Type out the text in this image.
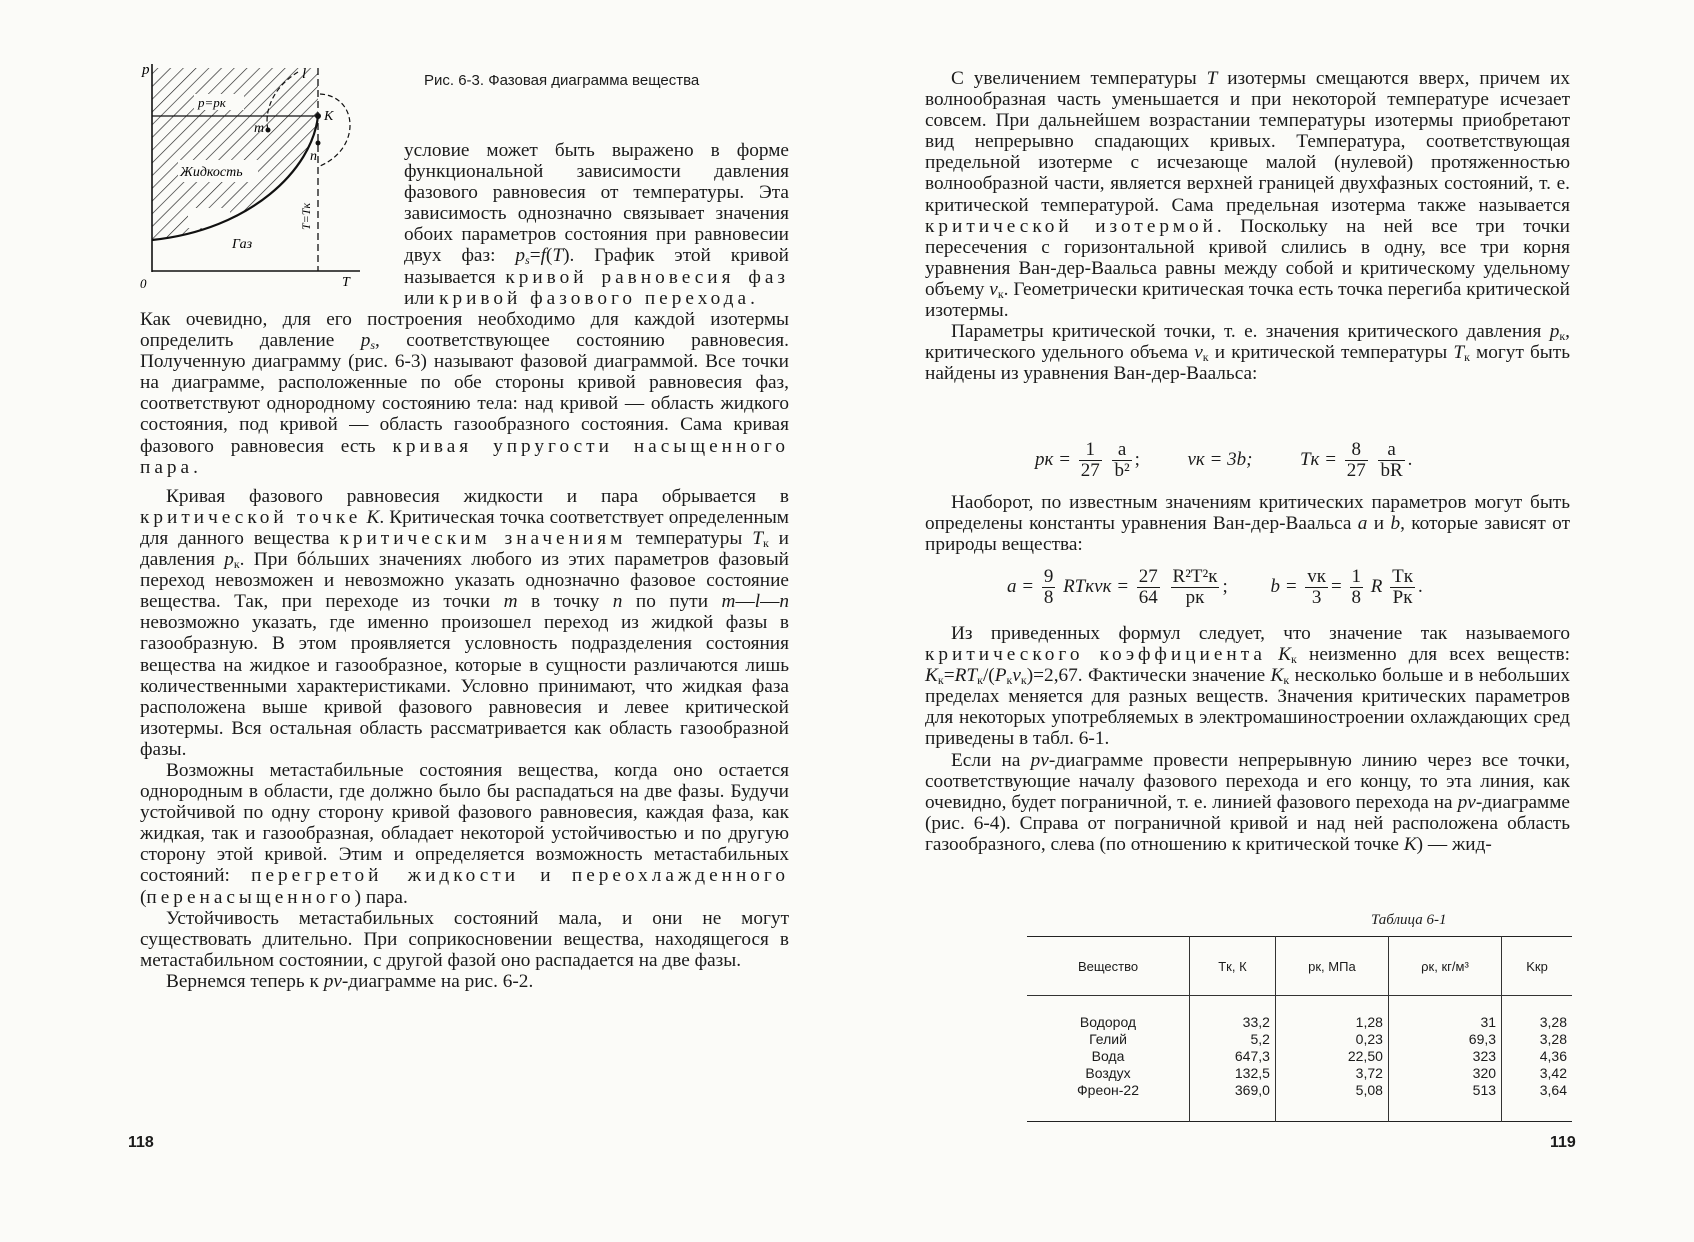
p	l
p=pк
K
m
Жидкость
n
T=Tк
Газ
0	T
Рис. 6-3. Фазовая диаграмма вещества

условие может быть выражено в форме функциональной зависимости давления фазового равновесия от температуры. Эта зависимость однозначно связывает значения обоих параметров состояния при равновесии двух фаз: $p_s=f(T)$. График этой кривой называется кривой равновесия фаз или кривой фазового перехода.

Как очевидно, для его построения необходимо для каждой изотермы определить давление $p_s$, соответствующее состоянию равновесия. Полученную диаграмму (рис. 6-3) называют фазовой диаграммой. Все точки на диаграмме, расположенные по обе стороны кривой равновесия фаз, соответствуют однородному состоянию тела: над кривой — область жидкого состояния, под кривой — область газообразного состояния. Сама кривая фазового равновесия есть кривая упругости насыщенного пара.

Кривая фазового равновесия жидкости и пара обрывается в критической точке K. Критическая точка соответствует определенным для данного вещества критическим значениям температуры $T_к$ и давления $p_к$. При бóльших значениях любого из этих параметров фазовый переход невозможен и невозможно указать однозначно фазовое состояние вещества. Так, при переходе из точки m в точку n по пути m—l—n невозможно указать, где именно произошел переход из жидкой фазы в газообразную. В этом проявляется условность подразделения состояния вещества на жидкое и газообразное, которые в сущности различаются лишь количественными характеристиками. Условно принимают, что жидкая фаза расположена выше кривой фазового равновесия и левее критической изотермы. Вся остальная область рассматривается как область газообразной фазы.

Возможны метастабильные состояния вещества, когда оно остается однородным в области, где должно было бы распадаться на две фазы. Будучи устойчивой по одну сторону кривой фазового равновесия, каждая фаза, как жидкая, так и газообразная, обладает некоторой устойчивостью и по другую сторону этой кривой. Этим и определяется возможность метастабильных состояний: перегретой жидкости и переохлажденного (перенасыщенного) пара.

Устойчивость метастабильных состояний мала, и они не могут существовать длительно. При соприкосновении вещества, находящегося в метастабильном состоянии, с другой фазой оно распадается на две фазы.

Вернемся теперь к pv-диаграмме на рис. 6-2.

118

С увеличением температуры T изотермы смещаются вверх, причем их волнообразная часть уменьшается и при некоторой температуре исчезает совсем. При дальнейшем возрастании температуры изотермы приобретают вид непрерывно спадающих кривых. Температура, соответствующая предельной изотерме с исчезающе малой (нулевой) протяженностью волнообразной части, является верхней границей двухфазных состояний, т. е. критической температурой. Сама предельная изотерма также называется критической изотермой. Поскольку на ней все три точки пересечения с горизонтальной кривой слились в одну, все три корня уравнения Ван-дер-Ваальса равны между собой и критическому удельному объему $v_к$. Геометрически критическая точка есть точка перегиба критической изотермы.

Параметры критической точки, т. е. значения критического давления $p_к$, критического удельного объема $v_к$ и критической температуры $T_к$ могут быть найдены из уравнения Ван-дер-Ваальса:

pк = $\frac{1}{27}$
$\frac{a}{\text{b²}}$ ;          vк = 3b;	Tк = $\frac{8}{27}$
$\frac{a}{bR}$ .

Наоборот, по известным значениям критических параметров могут быть определены константы уравнения Ван-дер-Ваальса a и b, которые зависят от природы вещества:

$a = \frac{9}{8}$ RTкvк = $\frac{27}{64}$
$\frac{\text{R²T²к}}{pк}$ ;         $b = \frac{vк}{3} = \frac{1}{8}$ R $\frac{Tк}{Pк}$ .

Из приведенных формул следует, что значение так называемого критического коэффициента $K_к$ неизменно для всех веществ: $K_к=RT_к/(P_кv_к)=2,67$. Фактически значение $K_к$ несколько больше и в небольших пределах меняется для разных веществ. Значения критических параметров для некоторых употребляемых в электромашиностроении охлаждающих сред приведены в табл. 6-1.

Если на pv-диаграмме провести непрерывную линию через все точки, соответствующие началу фазового перехода и его концу, то эта линия, как очевидно, будет пограничной, т. е. линией фазового перехода на pv-диаграмме (рис. 6-4). Справа от пограничной кривой и над ней расположена область газообразного, слева (по отношению к критической точке K) — жид-

Таблица 6-1
Вещество	Tк, К	pк, МПа	ρк, кг/м³	Kкр
Водород	33,2	1,28	31	3,28
Гелий	5,2	0,23	69,3	3,28
Вода	647,3	22,50	323	4,36
Воздух	132,5	3,72	320	3,42
Фреон-22	369,0	5,08	513	3,64
119
